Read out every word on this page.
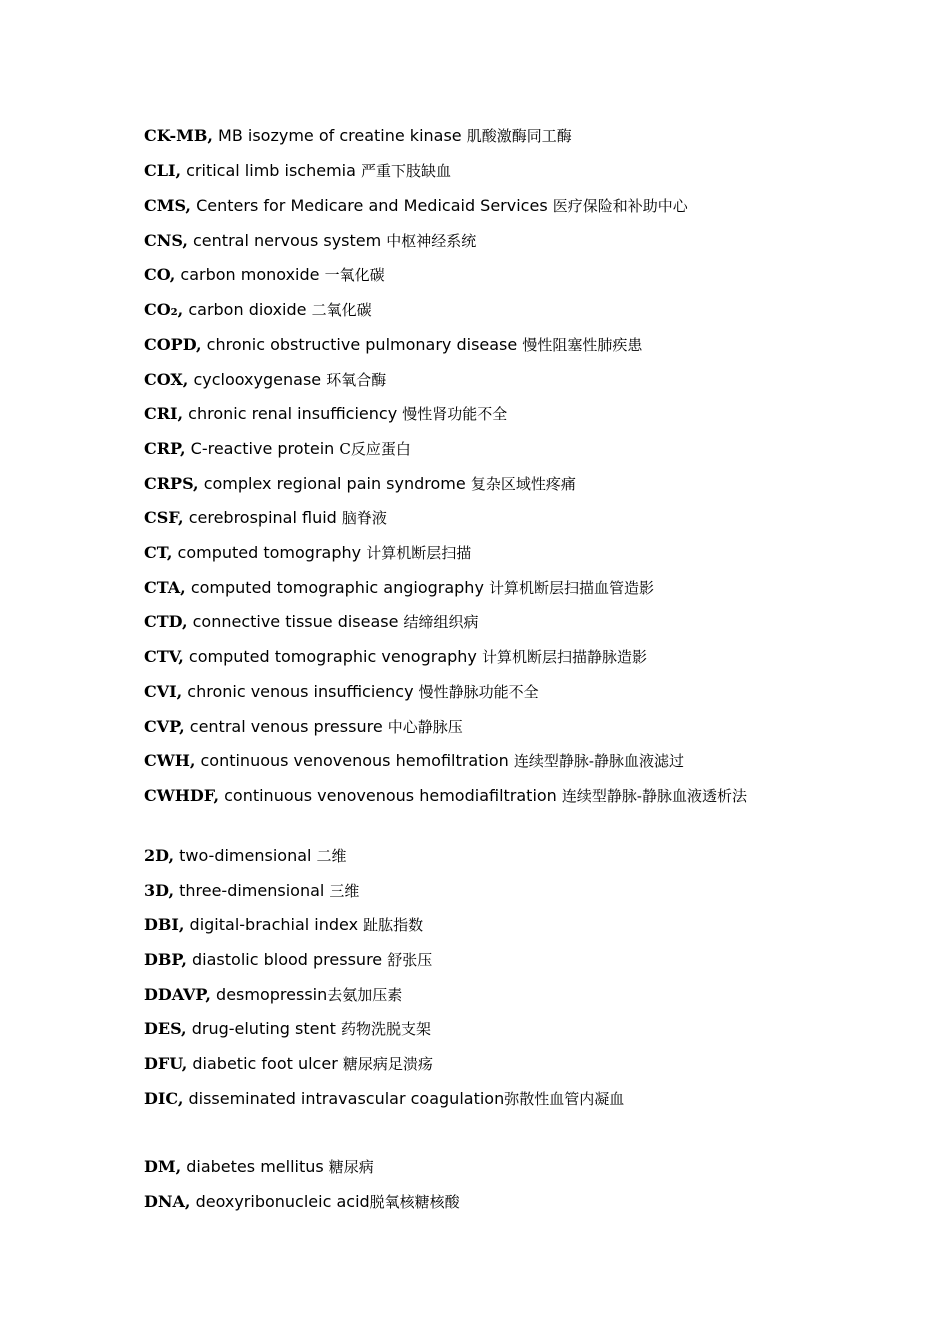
CK-MB, MB isozyme of creatine kinase 肌酸激酶同工酶
CLI, critical limb ischemia 严重下肢缺血
CMS, Centers for Medicare and Medicaid Services 医疗保险和补助中心
CNS, central nervous system 中枢神经系统
CO, carbon monoxide 一氧化碳
CO₂, carbon dioxide 二氧化碳
COPD, chronic obstructive pulmonary disease 慢性阻塞性肺疾患
COX, cyclooxygenase 环氧合酶
CRI, chronic renal insufficiency 慢性肾功能不全
CRP, C-reactive protein C反应蛋白
CRPS, complex regional pain syndrome 复杂区域性疼痛
CSF, cerebrospinal fluid 脑脊液
CT, computed tomography 计算机断层扫描
CTA, computed tomographic angiography 计算机断层扫描血管造影
CTD, connective tissue disease 结缔组织病
CTV, computed tomographic venography 计算机断层扫描静脉造影
CVI, chronic venous insufficiency 慢性静脉功能不全
CVP, central venous pressure 中心静脉压
CWH, continuous venovenous hemofiltration 连续型静脉-静脉血液滤过
CWHDF, continuous venovenous hemodiafiltration 连续型静脉-静脉血液透析法
2D, two-dimensional 二维
3D, three-dimensional 三维
DBI, digital-brachial index 趾肱指数
DBP, diastolic blood pressure 舒张压
DDAVP, desmopressin去氨加压素
DES, drug-eluting stent 药物洗脱支架
DFU, diabetic foot ulcer 糖尿病足溃疡
DIC, disseminated intravascular coagulation弥散性血管内凝血
DM, diabetes mellitus 糖尿病
DNA, deoxyribonucleic acid脱氧核糖核酸
